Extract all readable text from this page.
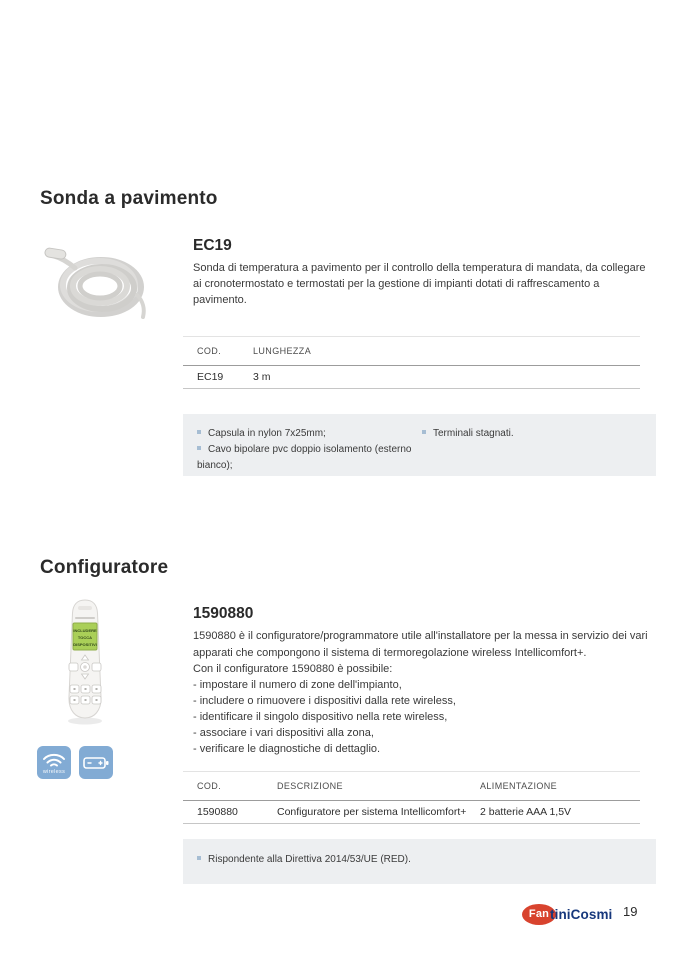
Sonda a pavimento
EC19

Sonda di temperatura a pavimento per il controllo della temperatura di mandata, da collegare ai cronotermostato e termostati per la gestione di impianti dotati di raffrescamento a pavimento.

COD.	LUNGHEZZA
EC19	3 m
Capsula in nylon 7x25mm;
Cavo bipolare pvc doppio isolamento (esterno bianco);
Terminali stagnati.
Configuratore
INCLUDERE
TOCCA
DISPOSITIVI
wireless
1590880

1590880 è il configuratore/programmatore utile all'installatore per la messa in servizio dei vari apparati che compongono il sistema di termoregolazione wireless Intellicomfort+.

Con il configuratore 1590880 è possibile:
- impostare il numero di zone dell'impianto,
- includere o rimuovere i dispositivi dalla rete wireless,
- identificare il singolo dispositivo nella rete wireless,
- associare i vari dispositivi alla zona,
- verificare le diagnostiche di dettaglio.
COD.	DESCRIZIONE	ALIMENTAZIONE
1590880	Configuratore per sistema Intellicomfort+	2 batterie AAA 1,5V
Rispondente alla Direttiva 2014/53/UE (RED).
Fan tiniCosmi 19
